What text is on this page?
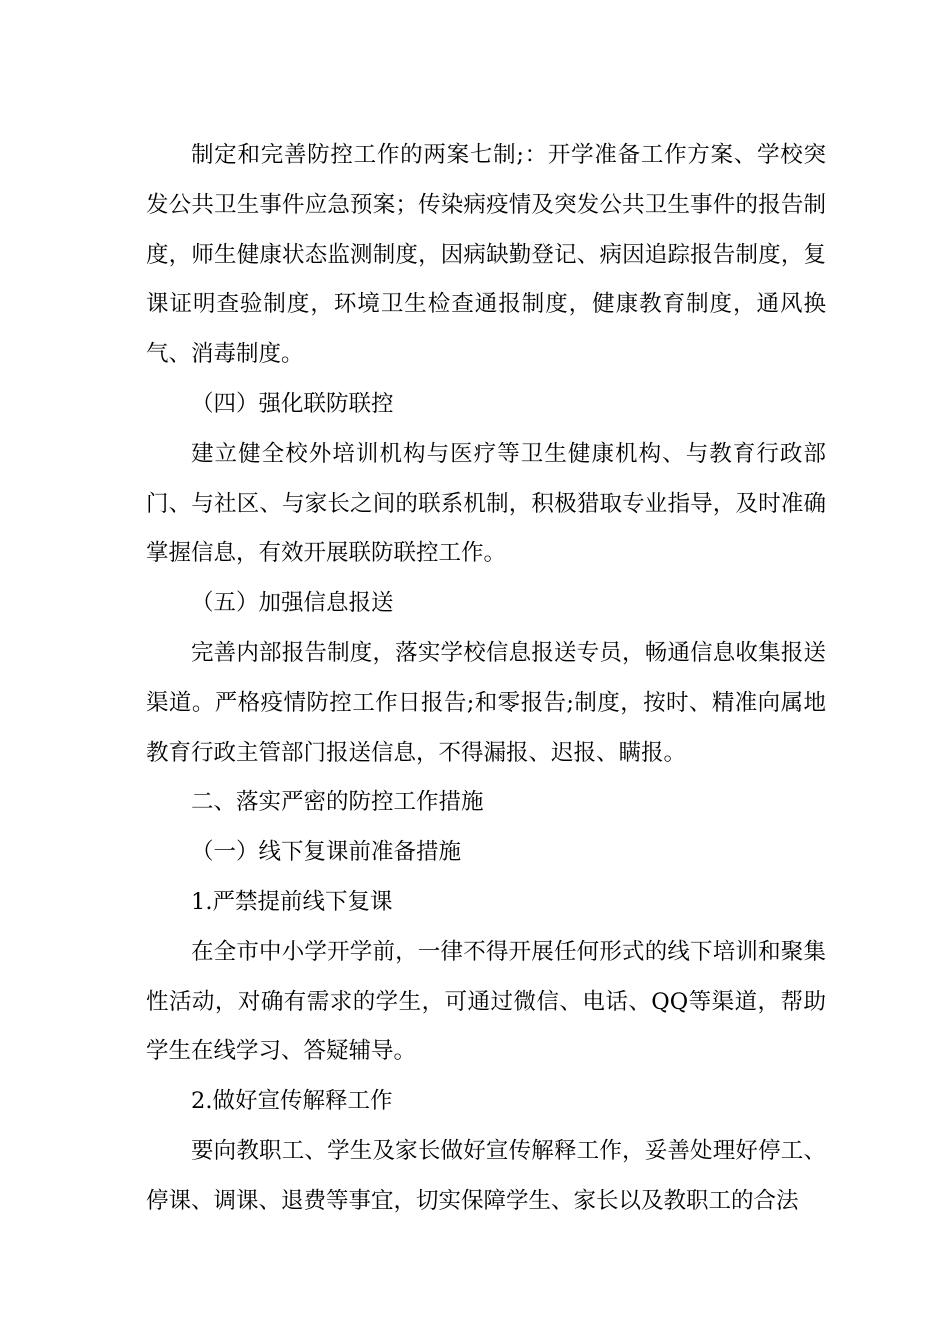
制定和完善防控工作的两案七制;：开学准备工作方案、学校突发公共卫生事件应急预案；传染病疫情及突发公共卫生事件的报告制度，师生健康状态监测制度，因病缺勤登记、病因追踪报告制度，复课证明查验制度，环境卫生检查通报制度，健康教育制度，通风换气、消毒制度。

（四）强化联防联控

建立健全校外培训机构与医疗等卫生健康机构、与教育行政部门、与社区、与家长之间的联系机制，积极猎取专业指导，及时准确掌握信息，有效开展联防联控工作。

（五）加强信息报送

完善内部报告制度，落实学校信息报送专员，畅通信息收集报送渠道。严格疫情防控工作日报告;和零报告;制度，按时、精准向属地教育行政主管部门报送信息，不得漏报、迟报、瞒报。

二、落实严密的防控工作措施

（一）线下复课前准备措施

1.严禁提前线下复课

在全市中小学开学前，一律不得开展任何形式的线下培训和聚集性活动，对确有需求的学生，可通过微信、电话、QQ等渠道，帮助学生在线学习、答疑辅导。

2.做好宣传解释工作

要向教职工、学生及家长做好宣传解释工作，妥善处理好停工、停课、调课、退费等事宜，切实保障学生、家长以及教职工的合法
